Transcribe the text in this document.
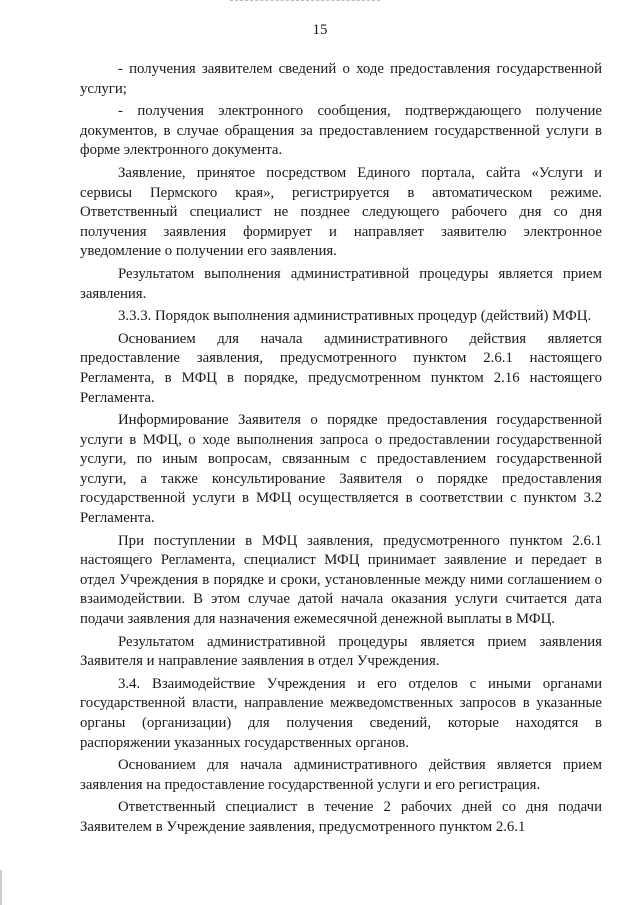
15

- получения заявителем сведений о ходе предоставления государственной услуги;

- получения электронного сообщения, подтверждающего получение документов, в случае обращения за предоставлением государственной услуги в форме электронного документа.

Заявление, принятое посредством Единого портала, сайта «Услуги и сервисы Пермского края», регистрируется в автоматическом режиме. Ответственный специалист не позднее следующего рабочего дня со дня получения заявления формирует и направляет заявителю электронное уведомление о получении его заявления.

Результатом выполнения административной процедуры является прием заявления.

3.3.3. Порядок выполнения административных процедур (действий) МФЦ.

Основанием для начала административного действия является предоставление заявления, предусмотренного пунктом 2.6.1 настоящего Регламента, в МФЦ в порядке, предусмотренном пунктом 2.16 настоящего Регламента.

Информирование Заявителя о порядке предоставления государственной услуги в МФЦ, о ходе выполнения запроса о предоставлении государственной услуги, по иным вопросам, связанным с предоставлением государственной услуги, а также консультирование Заявителя о порядке предоставления государственной услуги в МФЦ осуществляется в соответствии с пунктом 3.2 Регламента.

При поступлении в МФЦ заявления, предусмотренного пунктом 2.6.1 настоящего Регламента, специалист МФЦ принимает заявление и передает в отдел Учреждения в порядке и сроки, установленные между ними соглашением о взаимодействии. В этом случае датой начала оказания услуги считается дата подачи заявления для назначения ежемесячной денежной выплаты в МФЦ.

Результатом административной процедуры является прием заявления Заявителя и направление заявления в отдел Учреждения.

3.4. Взаимодействие Учреждения и его отделов с иными органами государственной власти, направление межведомственных запросов в указанные органы (организации) для получения сведений, которые находятся в распоряжении указанных государственных органов.

Основанием для начала административного действия является прием заявления на предоставление государственной услуги и его регистрация.

Ответственный специалист в течение 2 рабочих дней со дня подачи Заявителем в Учреждение заявления, предусмотренного пунктом 2.6.1
